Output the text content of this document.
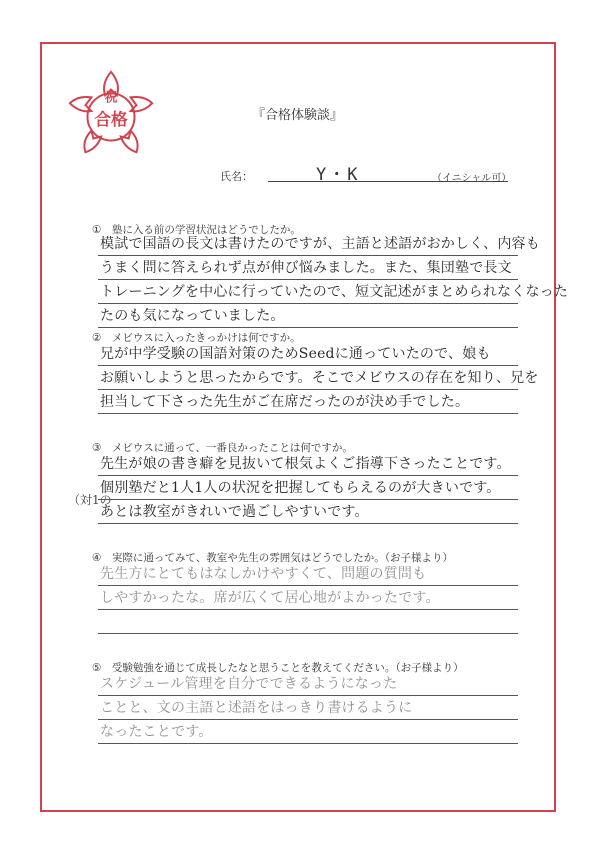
祝
合格	『合格体験談』
氏名：	Y・K	（イニシャル可）
①　塾に入る前の学習状況はどうでしたか。
模試で国語の長文は書けたのですが、主語と述語がおかしく、内容も
うまく問に答えられず点が伸び悩みました。また、集団塾で長文
トレーニングを中心に行っていたので、短文記述がまとめられなくなった
たのも気になっていました。
②　メビウスに入ったきっかけは何ですか。
兄が中学受験の国語対策のためSeedに通っていたので、娘も
お願いしようと思ったからです。そこでメビウスの存在を知り、兄を
担当して下さった先生がご在席だったのが決め手でした。
③　メビウスに通って、一番良かったことは何ですか。
（対1の
先生が娘の書き癖を見抜いて根気よくご指導下さったことです。
個別塾だと1人1人の状況を把握してもらえるのが大きいです。
あとは教室がきれいで過ごしやすいです。
④　実際に通ってみて、教室や先生の雰囲気はどうでしたか。（お子様より）
先生方にとてもはなしかけやすくて、問題の質問も
しやすかったな。席が広くて居心地がよかったです。
⑤　受験勉強を通じて成長したなと思うことを教えてください。（お子様より）
スケジュール管理を自分でできるようになった
ことと、文の主語と述語をはっきり書けるように
なったことです。
